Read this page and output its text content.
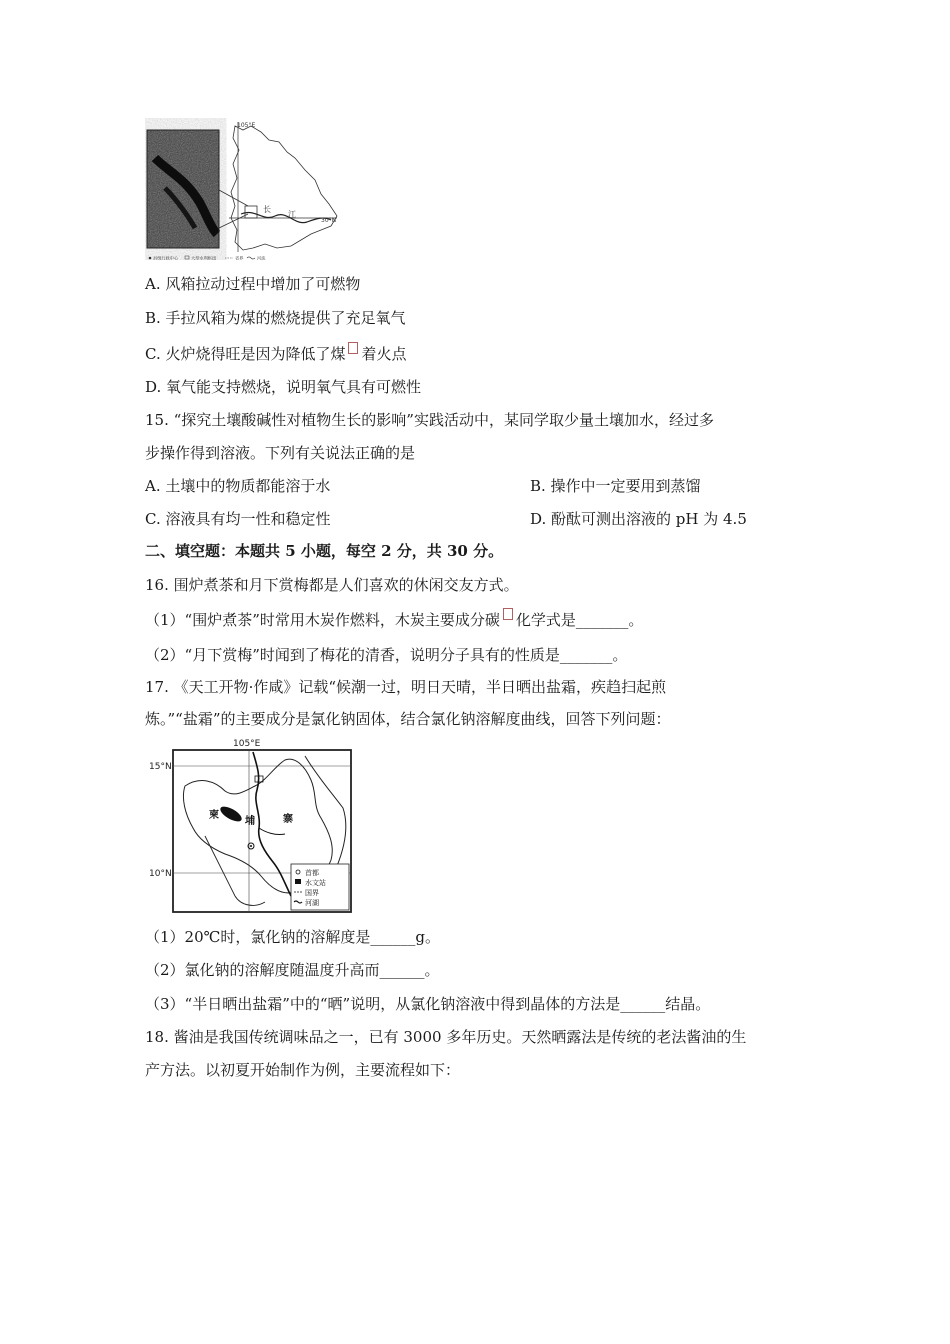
105°E
30°N
长
江
县级行政中心	大型水利枢纽	省界	河流
A. 风箱拉动过程中增加了可燃物
B. 手拉风箱为煤的燃烧提供了充足氧气
C. 火炉烧得旺是因为降低了煤 着火点
D. 氧气能支持燃烧，说明氧气具有可燃性
15. “探究土壤酸碱性对植物生长的影响”实践活动中，某同学取少量土壤加水，经过多
步操作得到溶液。下列有关说法正确的是
A. 土壤中的物质都能溶于水	B. 操作中一定要用到蒸馏
C. 溶液具有均一性和稳定性	D. 酚酞可测出溶液的 pH 为 4.5
二、填空题：本题共 5 小题，每空 2 分，共 30 分。
16. 围炉煮茶和月下赏梅都是人们喜欢的休闲交友方式。
（1）“围炉煮茶”时常用木炭作燃料，木炭主要成分碳 化学式是_______。
（2）“月下赏梅”时闻到了梅花的清香，说明分子具有的性质是_______。
17. 《天工开物·作咸》记载“候潮一过，明日天晴，半日晒出盐霜，疾趋扫起煎
炼。”“盐霜”的主要成分是氯化钠固体，结合氯化钠溶解度曲线，回答下列问题：
105°E
15°N
10°N
柬
埔	寨
首都
水文站
国界
河湖
（1）20℃时，氯化钠的溶解度是______g。
（2）氯化钠的溶解度随温度升高而______。
（3）“半日晒出盐霜”中的“晒”说明，从氯化钠溶液中得到晶体的方法是______结晶。
18. 酱油是我国传统调味品之一，已有 3000 多年历史。天然晒露法是传统的老法酱油的生
产方法。以初夏开始制作为例，主要流程如下：
